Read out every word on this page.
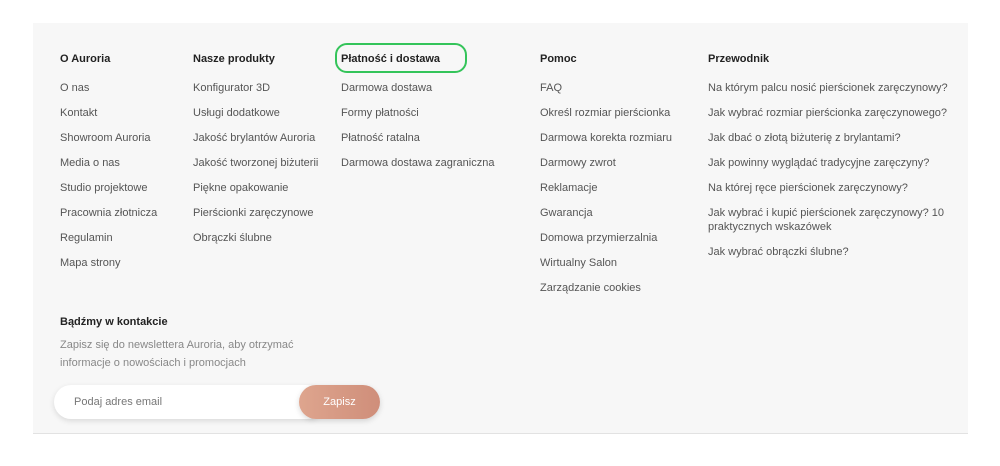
O Auroria
O nas
Kontakt
Showroom Auroria
Media o nas
Studio projektowe
Pracownia złotnicza
Regulamin
Mapa strony
Nasze produkty
Konfigurator 3D
Usługi dodatkowe
Jakość brylantów Auroria
Jakość tworzonej biżuterii
Piękne opakowanie
Pierścionki zaręczynowe
Obrączki ślubne
Płatność i dostawa
Darmowa dostawa
Formy płatności
Płatność ratalna
Darmowa dostawa zagraniczna
Pomoc
FAQ
Określ rozmiar pierścionka
Darmowa korekta rozmiaru
Darmowy zwrot
Reklamacje
Gwarancja
Domowa przymierzalnia
Wirtualny Salon
Zarządzanie cookies
Przewodnik
Na którym palcu nosić pierścionek zaręczynowy?
Jak wybrać rozmiar pierścionka zaręczynowego?
Jak dbać o złotą biżuterię z brylantami?
Jak powinny wyglądać tradycyjne zaręczyny?
Na której ręce pierścionek zaręczynowy?
Jak wybrać i kupić pierścionek zaręczynowy? 10 praktycznych wskazówek
Jak wybrać obrączki ślubne?
Bądźmy w kontakcie

Zapisz się do newslettera Auroria, aby otrzymać informacje o nowościach i promocjach

Podaj adres email
Zapisz
